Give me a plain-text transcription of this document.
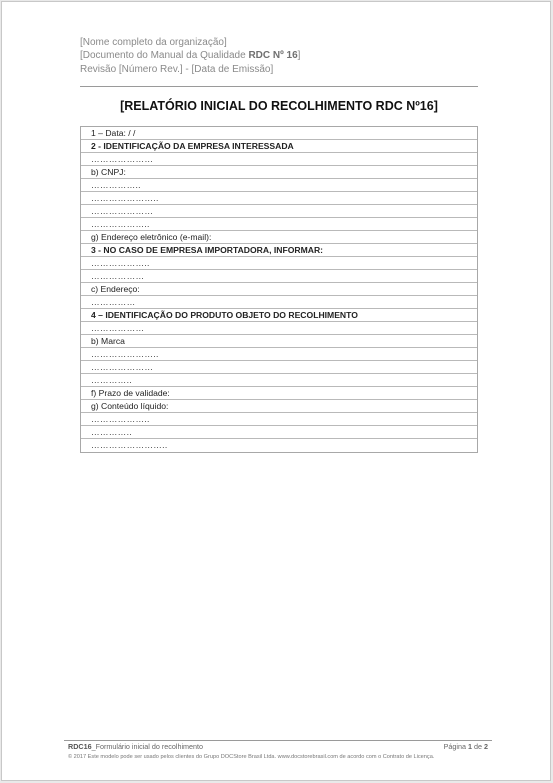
[Nome completo da organização]
[Documento do Manual da Qualidade RDC Nº 16]
Revisão [Número Rev.] - [Data de Emissão]
[RELATÓRIO INICIAL DO RECOLHIMENTO RDC Nº16]
1 – Data: / /
2 - IDENTIFICAÇÃO DA EMPRESA INTERESSADA
…………………
b) CNPJ:
……………..
…………………..
…………………
………………..
g) Endereço eletrônico (e-mail):
3 - NO CASO DE EMPRESA IMPORTADORA, INFORMAR:
………………..
………………
c) Endereço:
……………
4 – IDENTIFICAÇÃO DO PRODUTO OBJETO DO RECOLHIMENTO
………………
b) Marca
…………………..
…………………
…………..
f) Prazo de validade:
g) Conteúdo líquido:
………………..
…………..
……………………..
RDC16_Formulário inicial do recolhimento	Página 1 de 2
© 2017 Este modelo pode ser usado pelos clientes do Grupo DOCStore Brasil Ltda. www.docstorebrasil.com de acordo com o Contrato de Licença.
